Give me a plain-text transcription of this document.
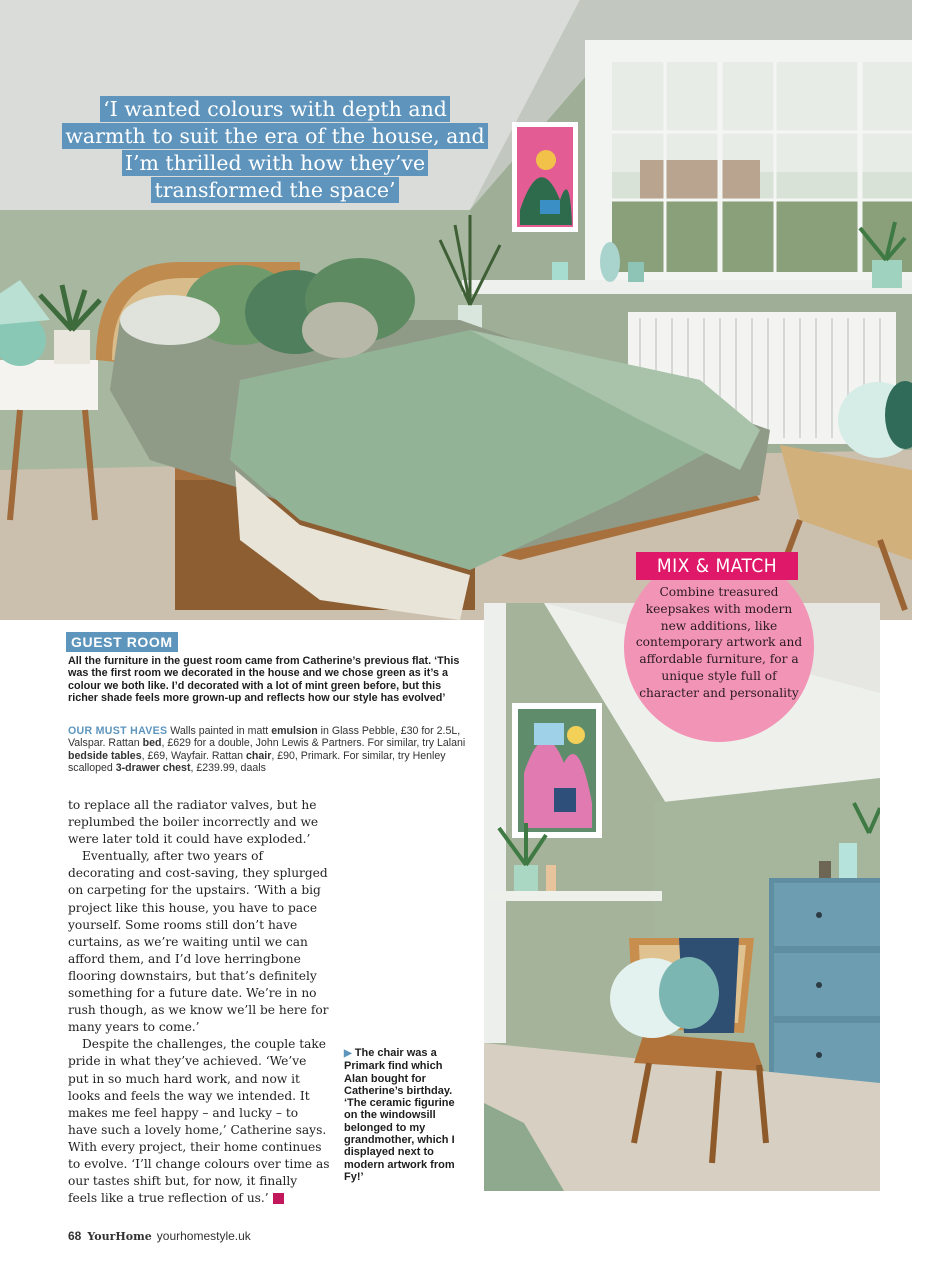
‘I wanted colours with depth and warmth to suit the era of the house, and I’m thrilled with how they’ve transformed the space’
MIX & MATCH
Combine treasured keepsakes with modern new additions, like contemporary artwork and affordable furniture, for a unique style full of character and personality
GUEST ROOM
All the furniture in the guest room came from Catherine’s previous flat. ‘This was the first room we decorated in the house and we chose green as it’s a colour we both like. I’d decorated with a lot of mint green before, but this richer shade feels more grown-up and reflects how our style has evolved’
OUR MUST HAVES Walls painted in matt emulsion in Glass Pebble, £30 for 2.5L, Valspar. Rattan bed, £629 for a double, John Lewis & Partners. For similar, try Lalani bedside tables, £69, Wayfair. Rattan chair, £90, Primark. For similar, try Henley scalloped 3-drawer chest, £239.99, daals

to replace all the radiator valves, but he replumbed the boiler incorrectly and we were later told it could have exploded.’

Eventually, after two years of decorating and cost-saving, they splurged on carpeting for the upstairs. ‘With a big project like this house, you have to pace yourself. Some rooms still don’t have curtains, as we’re waiting until we can afford them, and I’d love herringbone flooring downstairs, but that’s definitely something for a future date. We’re in no rush though, as we know we’ll be here for many years to come.’

Despite the challenges, the couple take pride in what they’ve achieved. ‘We’ve put in so much hard work, and now it looks and feels the way we intended. It makes me feel happy – and lucky – to have such a lovely home,’ Catherine says. With every project, their home continues to evolve. ‘I’ll change colours over time as our tastes shift but, for now, it finally feels like a true reflection of us.’	YH

▶ The chair was a Primark find which Alan bought for Catherine’s birthday. ‘The ceramic figurine on the windowsill belonged to my grandmother, which I displayed next to modern artwork from Fy!’
68 YourHome yourhomestyle.uk
